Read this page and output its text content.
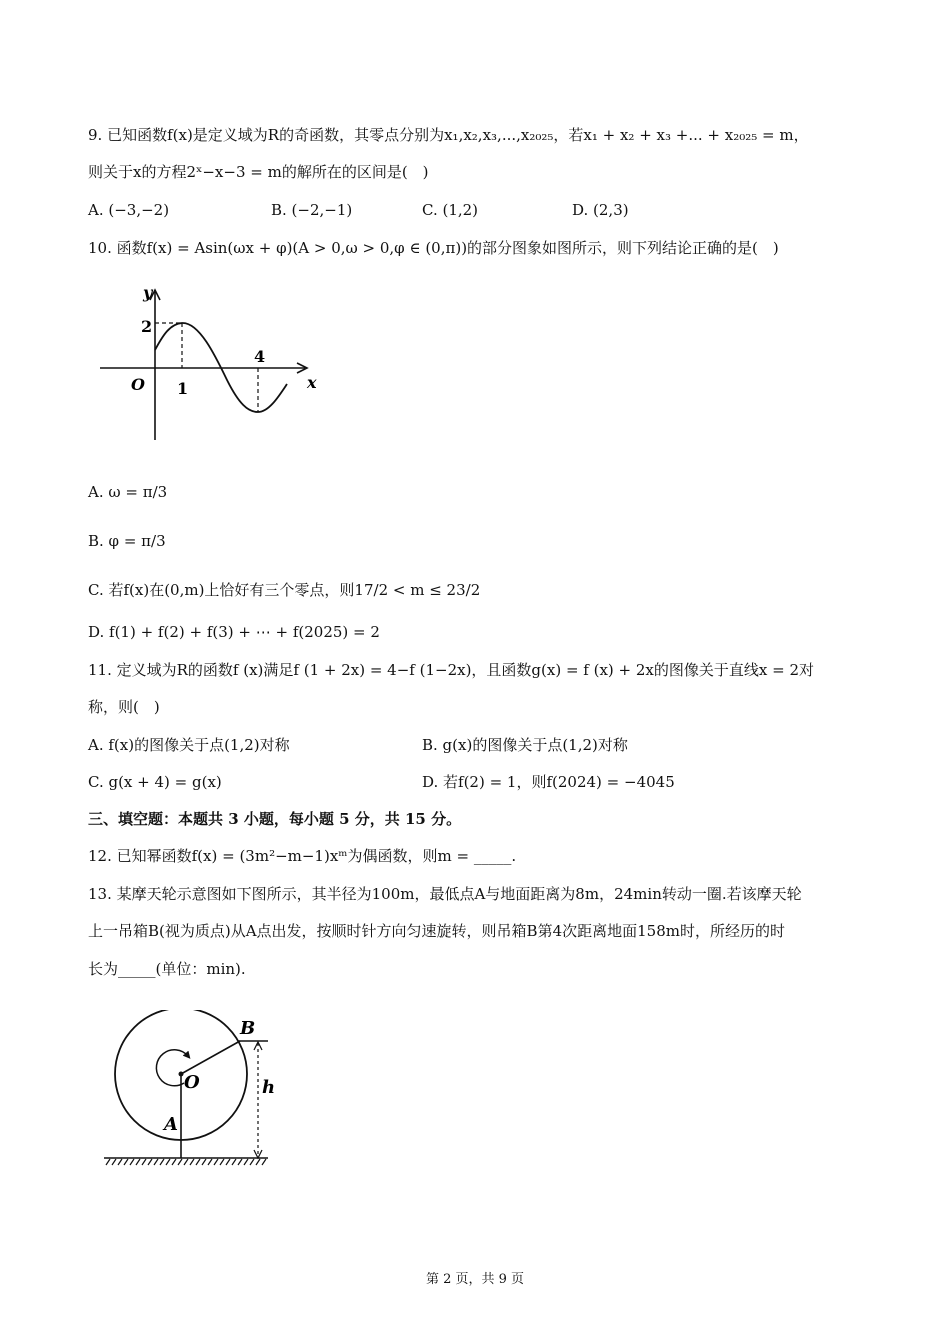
9. 已知函数f(x)是定义域为R的奇函数，其零点分别为x₁,x₂,x₃,...,x₂₀₂₅，若x₁ + x₂ + x₃ +... + x₂₀₂₅ = m，
则关于x的方程2ˣ−x−3 = m的解所在的区间是(　)
A. (−3,−2)	B. (−2,−1)	C. (1,2)	D. (2,3)
10. 函数f(x) = Asin(ωx + φ)(A > 0,ω > 0,φ ∈ (0,π))的部分图象如图所示，则下列结论正确的是(　)
y
x
O
2
1
4
A. ω = π/3
B. φ = π/3
C. 若f(x)在(0,m)上恰好有三个零点，则17/2 < m ≤ 23/2
D. f(1) + f(2) + f(3) + ⋯ + f(2025) = 2
11. 定义域为R的函数f (x)满足f (1 + 2x) = 4−f (1−2x)，且函数g(x) = f (x) + 2x的图像关于直线x = 2对
称，则(　)
A. f(x)的图像关于点(1,2)对称	B. g(x)的图像关于点(1,2)对称
C. g(x + 4) = g(x)	D. 若f(2) = 1，则f(2024) = −4045
三、填空题：本题共 3 小题，每小题 5 分，共 15 分。
12. 已知幂函数f(x) = (3m²−m−1)xᵐ为偶函数，则m = _____.
13. 某摩天轮示意图如下图所示，其半径为100m，最低点A与地面距离为8m，24min转动一圈.若该摩天轮
上一吊箱B(视为质点)从A点出发，按顺时针方向匀速旋转，则吊箱B第4次距离地面158m时，所经历的时
长为_____(单位：min).
B
O
A
h
第 2 页，共 9 页
